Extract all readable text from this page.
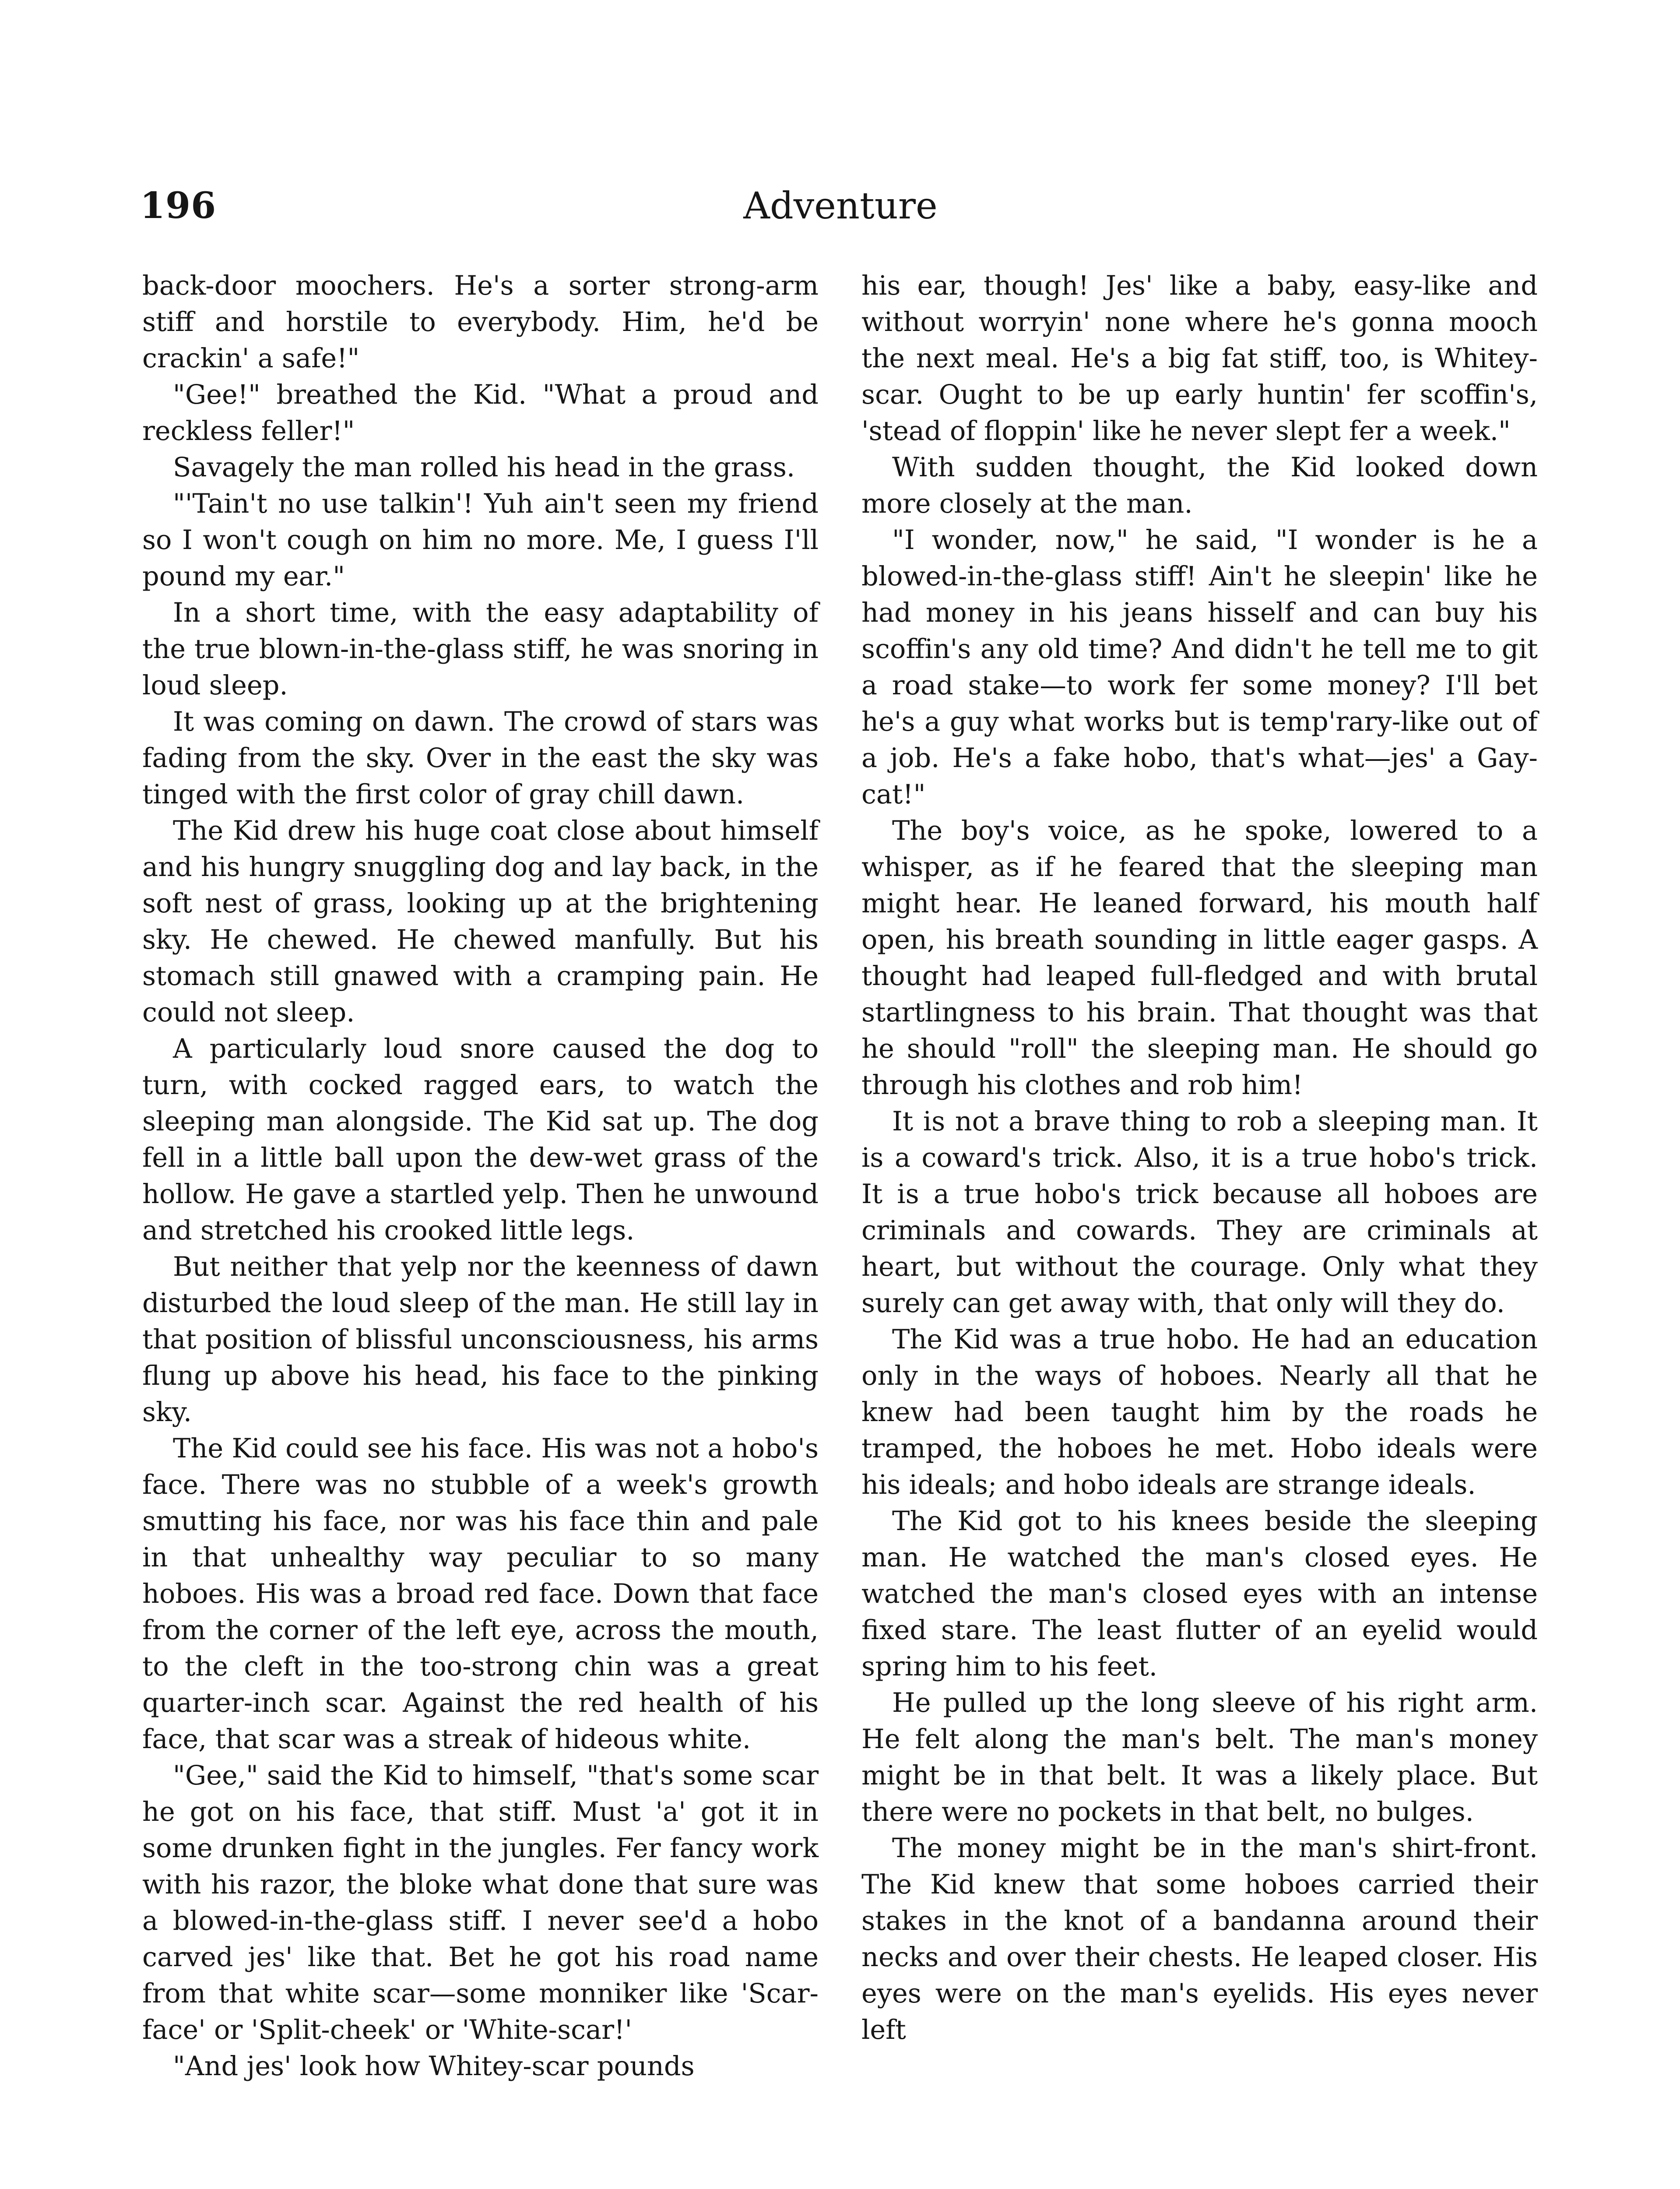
196	Adventure

back-door moochers. He's a sorter strong-arm stiff and horstile to everybody. Him, he'd be crackin' a safe!"

"Gee!" breathed the Kid. "What a proud and reckless feller!"

Savagely the man rolled his head in the grass.

"'Tain't no use talkin'! Yuh ain't seen my friend so I won't cough on him no more. Me, I guess I'll pound my ear."

In a short time, with the easy adaptability of the true blown-in-the-glass stiff, he was snoring in loud sleep.

It was coming on dawn. The crowd of stars was fading from the sky. Over in the east the sky was tinged with the first color of gray chill dawn.

The Kid drew his huge coat close about himself and his hungry snuggling dog and lay back, in the soft nest of grass, looking up at the brightening sky. He chewed. He chewed manfully. But his stomach still gnawed with a cramping pain. He could not sleep.

A particularly loud snore caused the dog to turn, with cocked ragged ears, to watch the sleeping man alongside. The Kid sat up. The dog fell in a little ball upon the dew-wet grass of the hollow. He gave a startled yelp. Then he unwound and stretched his crooked little legs.

But neither that yelp nor the keenness of dawn disturbed the loud sleep of the man. He still lay in that position of blissful unconsciousness, his arms flung up above his head, his face to the pinking sky.

The Kid could see his face. His was not a hobo's face. There was no stubble of a week's growth smutting his face, nor was his face thin and pale in that unhealthy way peculiar to so many hoboes. His was a broad red face. Down that face from the corner of the left eye, across the mouth, to the cleft in the too-strong chin was a great quarter-inch scar. Against the red health of his face, that scar was a streak of hideous white.

"Gee," said the Kid to himself, "that's some scar he got on his face, that stiff. Must 'a' got it in some drunken fight in the jungles. Fer fancy work with his razor, the bloke what done that sure was a blowed-in-the-glass stiff. I never see'd a hobo carved jes' like that. Bet he got his road name from that white scar—some monniker like 'Scar-face' or 'Split-cheek' or 'White-scar!'

"And jes' look how Whitey-scar pounds

his ear, though! Jes' like a baby, easy-like and without worryin' none where he's gonna mooch the next meal. He's a big fat stiff, too, is Whitey-scar. Ought to be up early huntin' fer scoffin's, 'stead of floppin' like he never slept fer a week."

With sudden thought, the Kid looked down more closely at the man.

"I wonder, now," he said, "I wonder is he a blowed-in-the-glass stiff! Ain't he sleepin' like he had money in his jeans hisself and can buy his scoffin's any old time? And didn't he tell me to git a road stake—to work fer some money? I'll bet he's a guy what works but is temp'rary-like out of a job. He's a fake hobo, that's what—jes' a Gay-cat!"

The boy's voice, as he spoke, lowered to a whisper, as if he feared that the sleeping man might hear. He leaned forward, his mouth half open, his breath sounding in little eager gasps. A thought had leaped full-fledged and with brutal startlingness to his brain. That thought was that he should "roll" the sleeping man. He should go through his clothes and rob him!

It is not a brave thing to rob a sleeping man. It is a coward's trick. Also, it is a true hobo's trick. It is a true hobo's trick because all hoboes are criminals and cowards. They are criminals at heart, but without the courage. Only what they surely can get away with, that only will they do.

The Kid was a true hobo. He had an education only in the ways of hoboes. Nearly all that he knew had been taught him by the roads he tramped, the hoboes he met. Hobo ideals were his ideals; and hobo ideals are strange ideals.

The Kid got to his knees beside the sleeping man. He watched the man's closed eyes. He watched the man's closed eyes with an intense fixed stare. The least flutter of an eyelid would spring him to his feet.

He pulled up the long sleeve of his right arm. He felt along the man's belt. The man's money might be in that belt. It was a likely place. But there were no pockets in that belt, no bulges.

The money might be in the man's shirt-front. The Kid knew that some hoboes carried their stakes in the knot of a bandanna around their necks and over their chests. He leaped closer. His eyes were on the man's eyelids. His eyes never left
